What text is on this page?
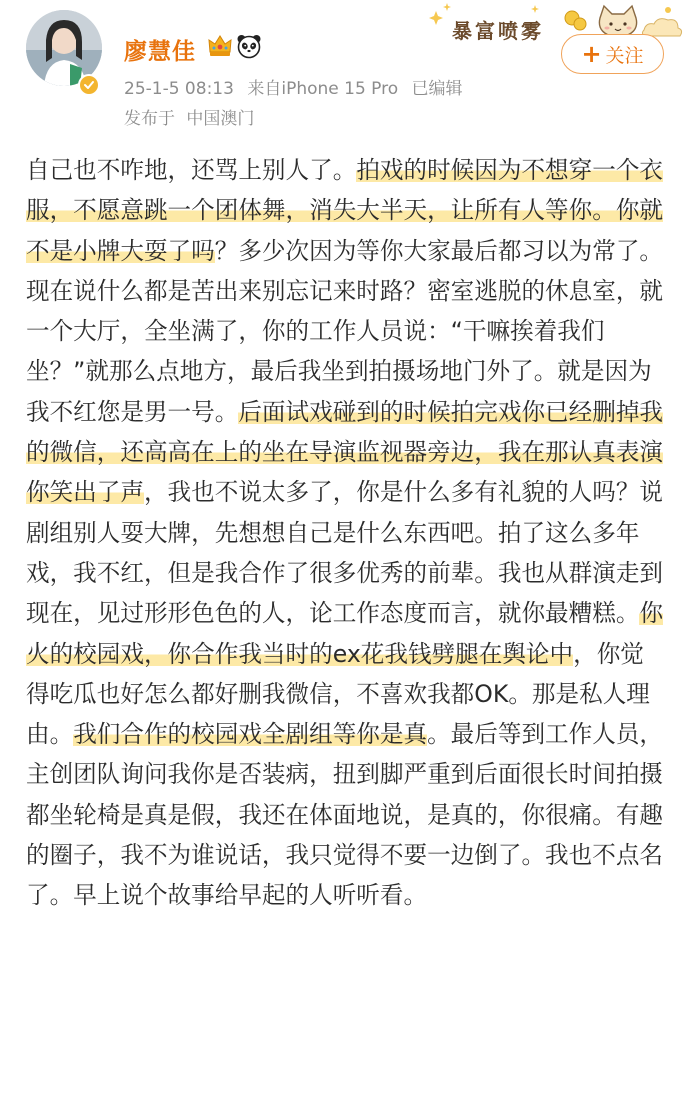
廖慧佳
25-1-5 08:13 来自iPhone 15 Pro 已编辑
发布于 中国澳门
暴富喷雾
+ 关注
自己也不咋地，还骂上别人了。拍戏的时候因为不想穿一个衣服，不愿意跳一个团体舞，消失大半天，让所有人等你。你就不是小牌大耍了吗？多少次因为等你大家最后都习以为常了。现在说什么都是苦出来别忘记来时路？密室逃脱的休息室，就一个大厅，全坐满了，你的工作人员说：“干嘛挨着我们坐？”就那么点地方，最后我坐到拍摄场地门外了。就是因为我不红您是男一号。后面试戏碰到的时候拍完戏你已经删掉我的微信，还高高在上的坐在导演监视器旁边，我在那认真表演你笑出了声，我也不说太多了，你是什么多有礼貌的人吗？说剧组别人耍大牌，先想想自己是什么东西吧。拍了这么多年戏，我不红，但是我合作了很多优秀的前辈。我也从群演走到现在，见过形形色色的人，论工作态度而言，就你最糟糕。你火的校园戏，你合作我当时的ex花我钱劈腿在舆论中，你觉得吃瓜也好怎么都好删我微信，不喜欢我都OK。那是私人理由。我们合作的校园戏全剧组等你是真。最后等到工作人员，主创团队询问我你是否装病，扭到脚严重到后面很长时间拍摄都坐轮椅是真是假，我还在体面地说，是真的，你很痛。有趣的圈子，我不为谁说话，我只觉得不要一边倒了。我也不点名了。早上说个故事给早起的人听听看。
